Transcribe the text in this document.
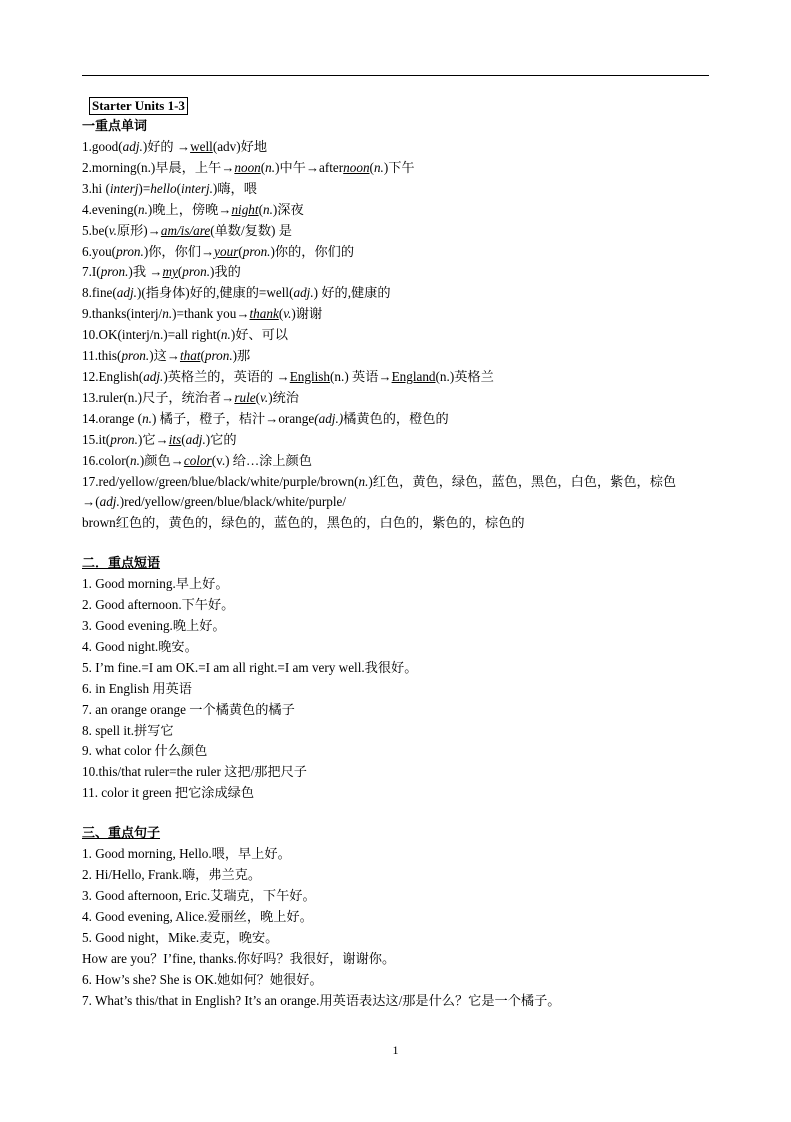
Starter Units 1-3
一重点单词
1.good(adj.)好的 →well(adv)好地
2.morning(n.)早晨，上午→noon(n.)中午→afternoon(n.)下午
3.hi (interj)=hello(interj.)嗨，喂
4.evening(n.)晚上，傍晚→night(n.)深夜
5.be(v.原形)→am/is/are(单数/复数) 是
6.you(pron.)你，你们→your(pron.)你的，你们的
7.I(pron.)我 →my(pron.)我的
8.fine(adj.)(指身体)好的,健康的=well(adj.) 好的,健康的
9.thanks(interj/n.)=thank you→thank(v.)谢谢
10.OK(interj/n.)=all right(n.)好、可以
11.this(pron.)这→that(pron.)那
12.English(adj.)英格兰的，英语的 →English(n.) 英语→England(n.)英格兰
13.ruler(n.)尺子，统治者→rule(v.)统治
14.orange (n.) 橘子，橙子，桔汁→orange(adj.)橘黄色的，橙色的
15.it(pron.)它→its(adj.)它的
16.color(n.)颜色→color(v.) 给…涂上颜色
17.red/yellow/green/blue/black/white/purple/brown(n.)红色，黄色，绿色，蓝色，黑色，白色，紫色，棕色
→(adj.)red/yellow/green/blue/black/white/purple/
brown红色的，黄色的，绿色的，蓝色的，黑色的，白色的，紫色的，棕色的
二．重点短语
1. Good morning.早上好。
2. Good afternoon.下午好。
3. Good evening.晚上好。
4. Good night.晚安。
5. I’m fine.=I am OK.=I am all right.=I am very well.我很好。
6. in English 用英语
7. an orange orange 一个橘黄色的橘子
8. spell it.拼写它
9. what color 什么颜色
10.this/that ruler=the ruler 这把/那把尺子
11. color it green 把它涂成绿色
三、重点句子
1. Good morning, Hello.喂，早上好。
2. Hi/Hello, Frank.嗨，弗兰克。
3. Good afternoon, Eric.艾瑞克，下午好。
4. Good evening, Alice.爱丽丝，晚上好。
5. Good night，Mike.麦克，晚安。
How are you？I’fine, thanks.你好吗？我很好，谢谢你。
6. How’s she? She is OK.她如何？她很好。
7. What’s this/that in English? It’s an orange.用英语表达这/那是什么？它是一个橘子。
1
